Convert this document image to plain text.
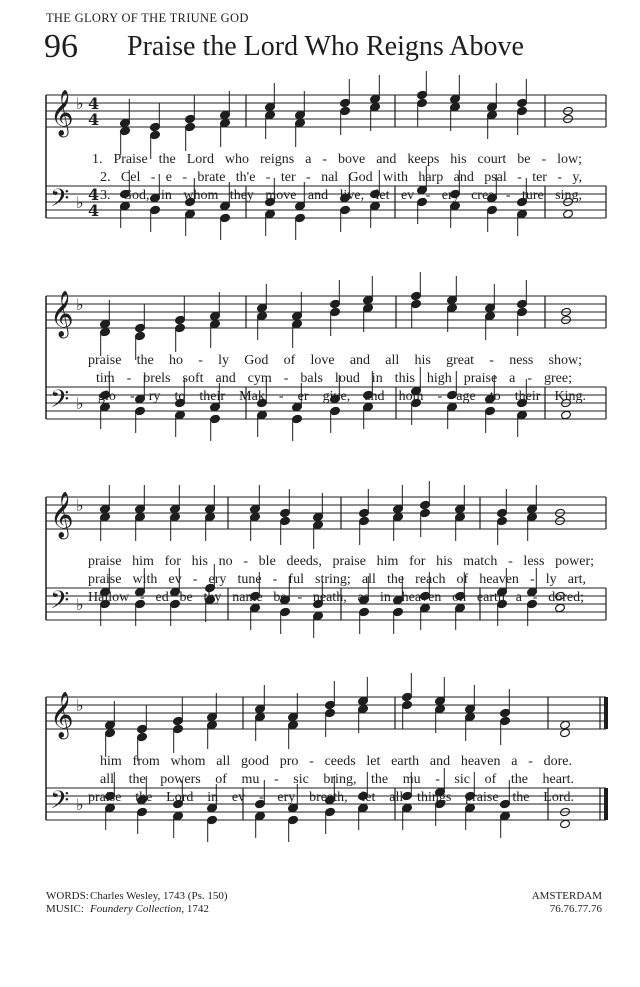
THE GLORY OF THE TRIUNE GOD
96 Praise the Lord Who Reigns Above
𝄞
𝄢
♭
♭
4
4
4
4
𝄞
𝄢
♭
♭
𝄞
𝄢
♭
♭
𝄞
𝄢
♭
♭
1. Praise the Lord who reigns a - bove and keeps his court be - low;
2. Cel - e - brate th'e - ter - nal God with harp and psal - ter - y,
3. God, in whom they move and live, let ev - ery crea - ture sing,
praise the ho - ly God of love and all his great - ness show;
tim - brels soft and cym - bals loud in this high praise a - gree;
glo - ry to their Mak - er give, and hom - age to their King.
praise him for his no - ble deeds, praise him for his match - less power;
praise with ev - ery tune - ful string; all the reach of heaven - ly art,
Hallow - ed be thy name be - neath, as in heaven on earth a - dored;
him from whom all good pro - ceeds let earth and heaven a - dore.
all the powers of mu - sic bring, the mu - sic of the heart.
praise the Lord in ev - ery breath, let all things praise the Lord.
WORDS:Charles Wesley, 1743 (Ps. 150)
MUSIC: Foundery Collection, 1742
AMSTERDAM
76.76.77.76
